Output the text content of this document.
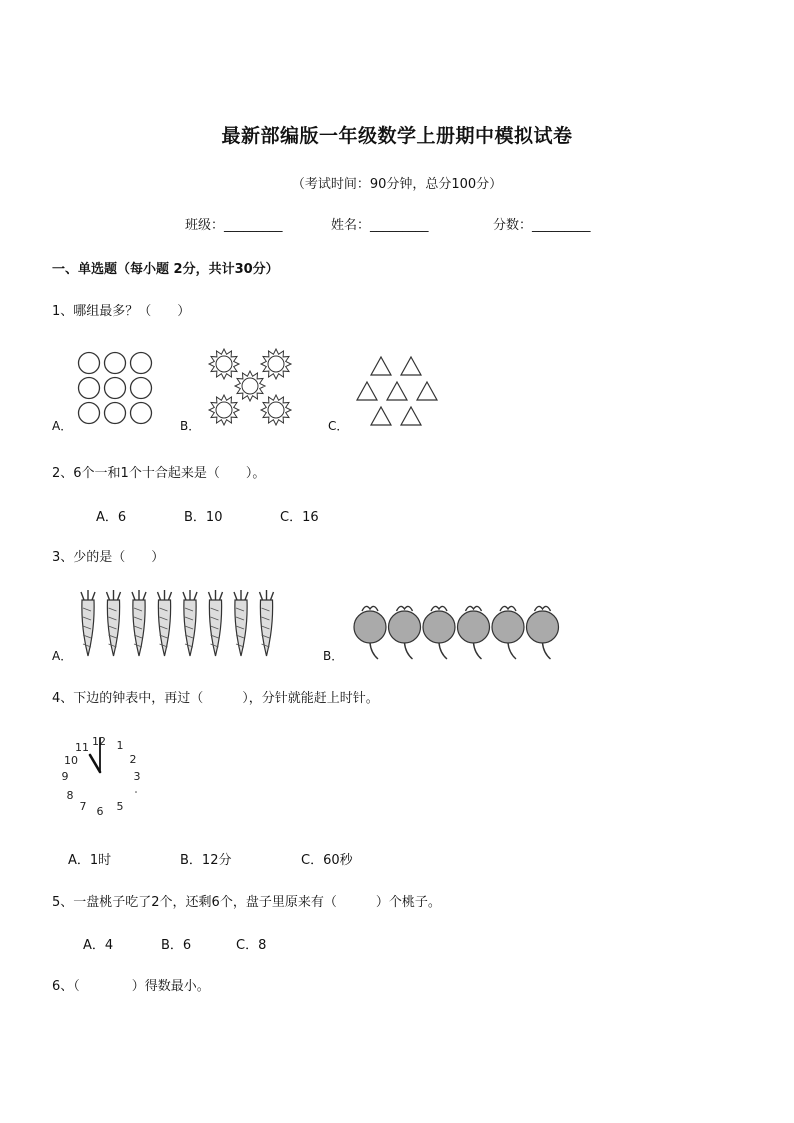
最新部编版一年级数学上册期中模拟试卷
（考试时间：90分钟，总分100分）
班级：_________	姓名：_________	分数：_________
一、单选题（每小题 2分，共计30分）
1、哪组最多？（　　）
A．	B．	C．
2、6个一和1个十合起来是（　　）。
A．6	B．10	C．16
3、少的是（　　）
A．	B．
4、下边的钟表中，再过（　　　），分针就能赶上时针。
12 1
2
3
5
6
7
8
9
10
11
A．1时	B．12分	C．60秒
5、一盘桃子吃了2个，还剩6个，盘子里原来有（　　　）个桃子。
A．4	B．6	C．8
6、（　　　　）得数最小。
